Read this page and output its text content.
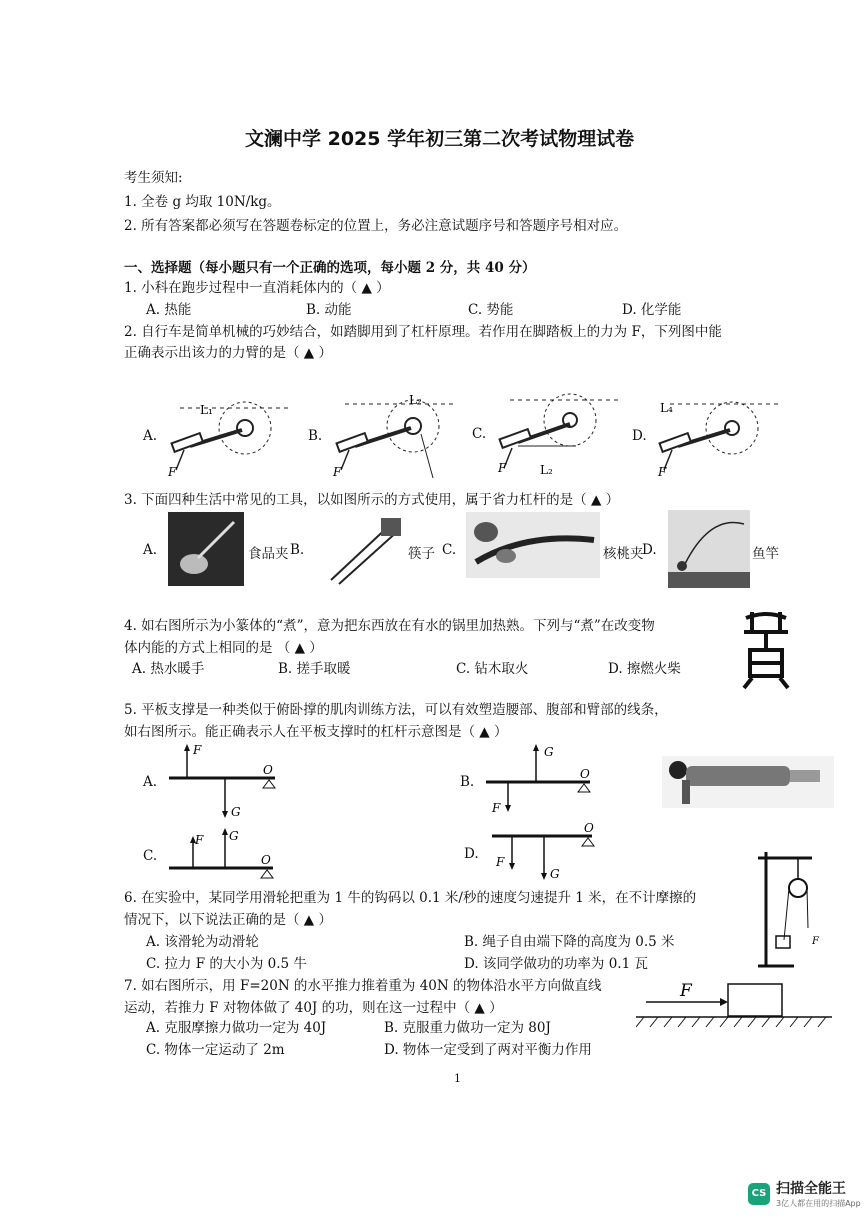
文澜中学 2025 学年初三第二次考试物理试卷
考生须知:
1. 全卷 g 均取 10N/kg。
2. 所有答案都必须写在答题卷标定的位置上，务必注意试题序号和答题序号相对应。
一、选择题（每小题只有一个正确的选项，每小题 2 分，共 40 分）
1. 小科在跑步过程中一直消耗体内的（ ▲ ）
A. 热能	B. 动能	C. 势能	D. 化学能
2. 自行车是简单机械的巧妙结合，如踏脚用到了杠杆原理。若作用在脚踏板上的力为 F，下列图中能
正确表示出该力的力臂的是（ ▲ ）
A.	B.	C.	D.
L₁
F
L₂
F	L₂
F
L₄
F
3. 下面四种生活中常见的工具，以如图所示的方式使用，属于省力杠杆的是（ ▲ ）
A.	食品夹 B.	筷子 C.	核桃夹
D.	鱼竿
4. 如右图所示为小篆体的“煮”，意为把东西放在有水的锅里加热熟。下列与“煮”在改变物
体内能的方式上相同的是 （ ▲ ）
A. 热水暖手	B. 搓手取暖	C. 钻木取火	D. 擦燃火柴
5. 平板支撑是一种类似于俯卧撑的肌肉训练方法，可以有效塑造腰部、腹部和臂部的线条，
如右图所示。能正确表示人在平板支撑时的杠杆示意图是（ ▲ ）
A.
F
G
O
B.
G
F
O
C.
F G
O	D. F
G
O
6. 在实验中，某同学用滑轮把重为 1 牛的钩码以 0.1 米/秒的速度匀速提升 1 米，在不计摩擦的
情况下，以下说法正确的是（ ▲ ）
A. 该滑轮为动滑轮	B. 绳子自由端下降的高度为 0.5 米
C. 拉力 F 的大小为 0.5 牛	D. 该同学做功的功率为 0.1 瓦
F
7. 如右图所示，用 F=20N 的水平推力推着重为 40N 的物体沿水平方向做直线
运动，若推力 F 对物体做了 40J 的功，则在这一过程中（ ▲ ）
A. 克服摩擦力做功一定为 40J	B. 克服重力做功一定为 80J
C. 物体一定运动了 2m	D. 物体一定受到了两对平衡力作用
F
1
CS 扫描全能王
3亿人都在用的扫描App
